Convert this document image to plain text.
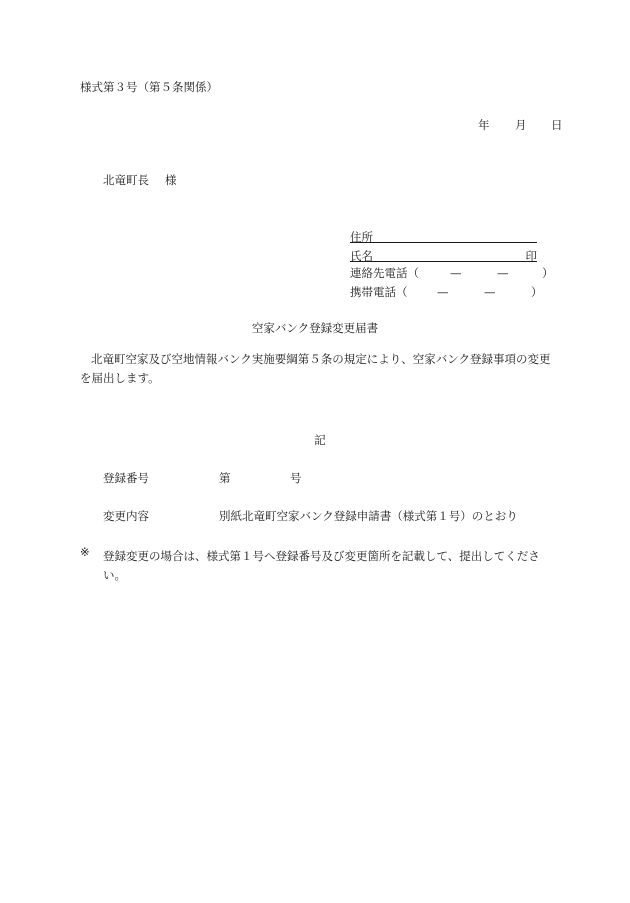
様式第３号（第５条関係）
年 月 日
北竜町長 様
住所
氏名	印
連絡先電話（	—	—	）
携帯電話（	—	—	）
空家バンク登録変更届書
北竜町空家及び空地情報バンク実施要綱第５条の規定により、空家バンク登録事項の変更を届出します。
記
登録番号	第	号
変更内容	別紙北竜町空家バンク登録申請書（様式第１号）のとおり
※ 登録変更の場合は、様式第１号へ登録番号及び変更箇所を記載して、提出してください。
